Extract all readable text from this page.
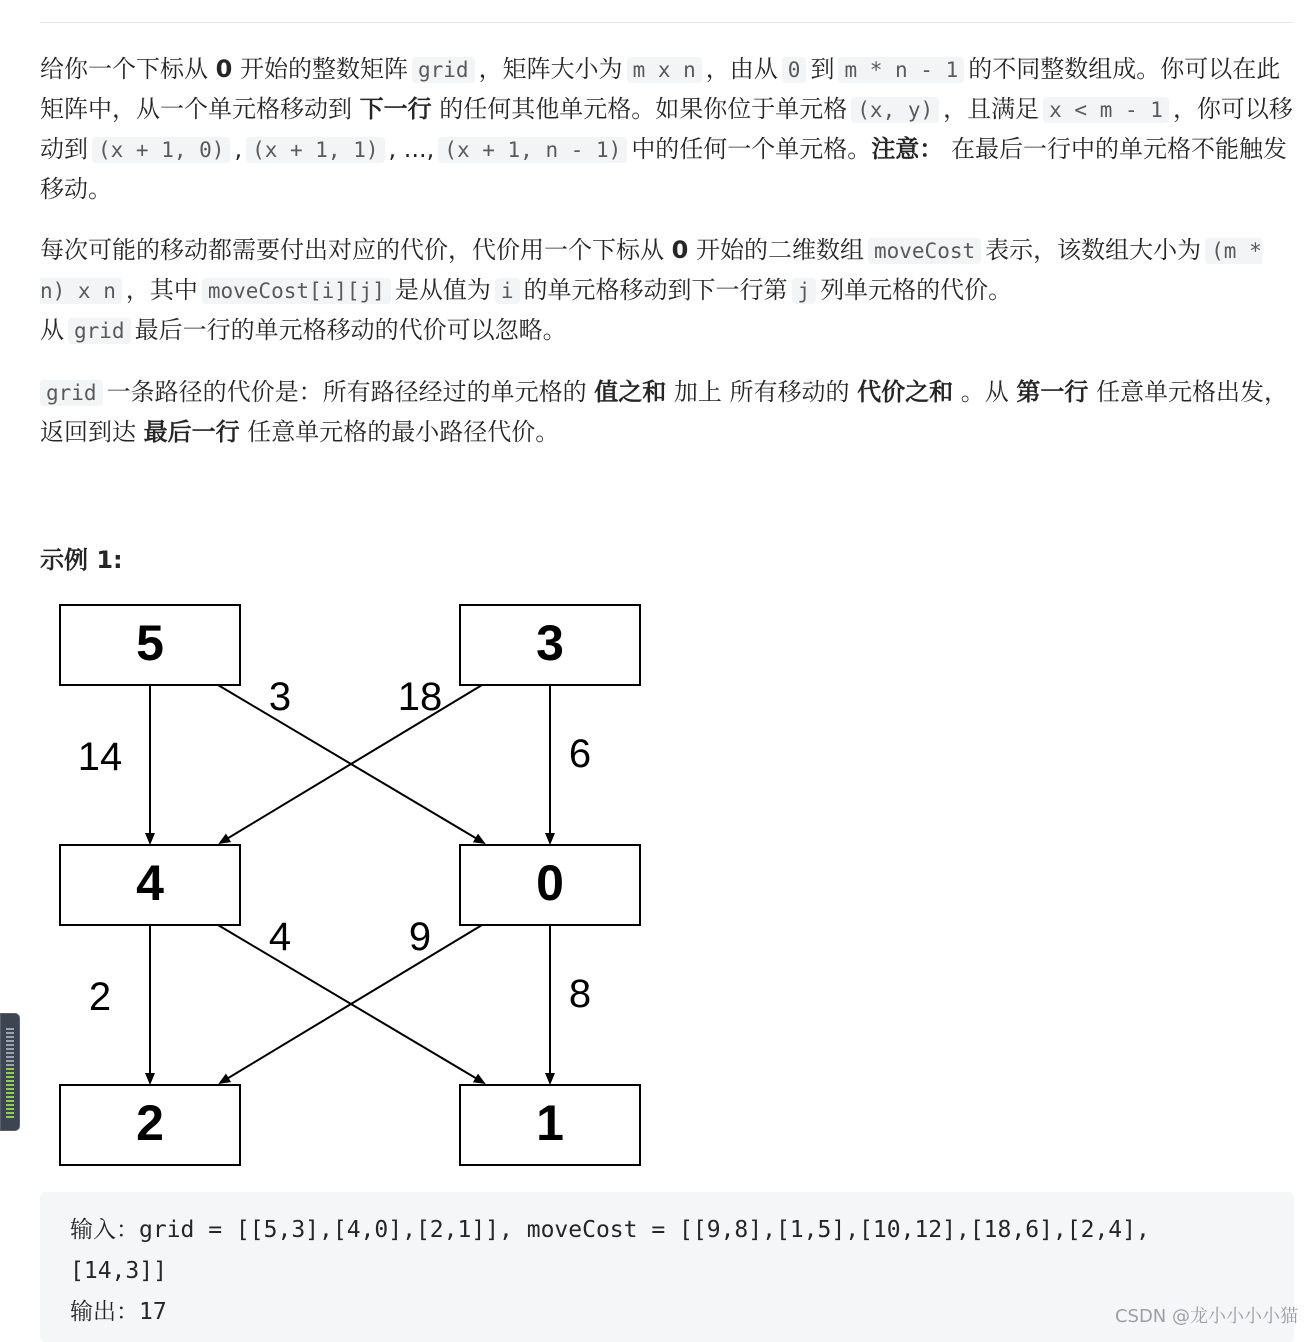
给你一个下标从 0 开始的整数矩阵 grid ，矩阵大小为 m x n ，由从 0 到 m * n - 1 的不同整数组成。你可以在此矩阵中，从一个单元格移动到 下一行 的任何其他单元格。如果你位于单元格 (x, y) ，且满足 x < m - 1 ，你可以移动到 (x + 1, 0) , (x + 1, 1) , ..., (x + 1, n - 1) 中的任何一个单元格。注意： 在最后一行中的单元格不能触发移动。

每次可能的移动都需要付出对应的代价，代价用一个下标从 0 开始的二维数组 moveCost 表示，该数组大小为 (m * n) x n ，其中 moveCost[i][j] 是从值为 i 的单元格移动到下一行第 j 列单元格的代价。
从 grid 最后一行的单元格移动的代价可以忽略。

grid 一条路径的代价是：所有路径经过的单元格的 值之和 加上 所有移动的 代价之和 。从 第一行 任意单元格出发，返回到达 最后一行 任意单元格的最小路径代价。

示例 1:
5	3
4	0
2	1
14
3	18
6
2
4	9
8
输入：grid = [[5,3],[4,0],[2,1]], moveCost = [[9,8],[1,5],[10,12],[18,6],[2,4],
[14,3]]
输出：17	CSDN @龙小小小小猫
